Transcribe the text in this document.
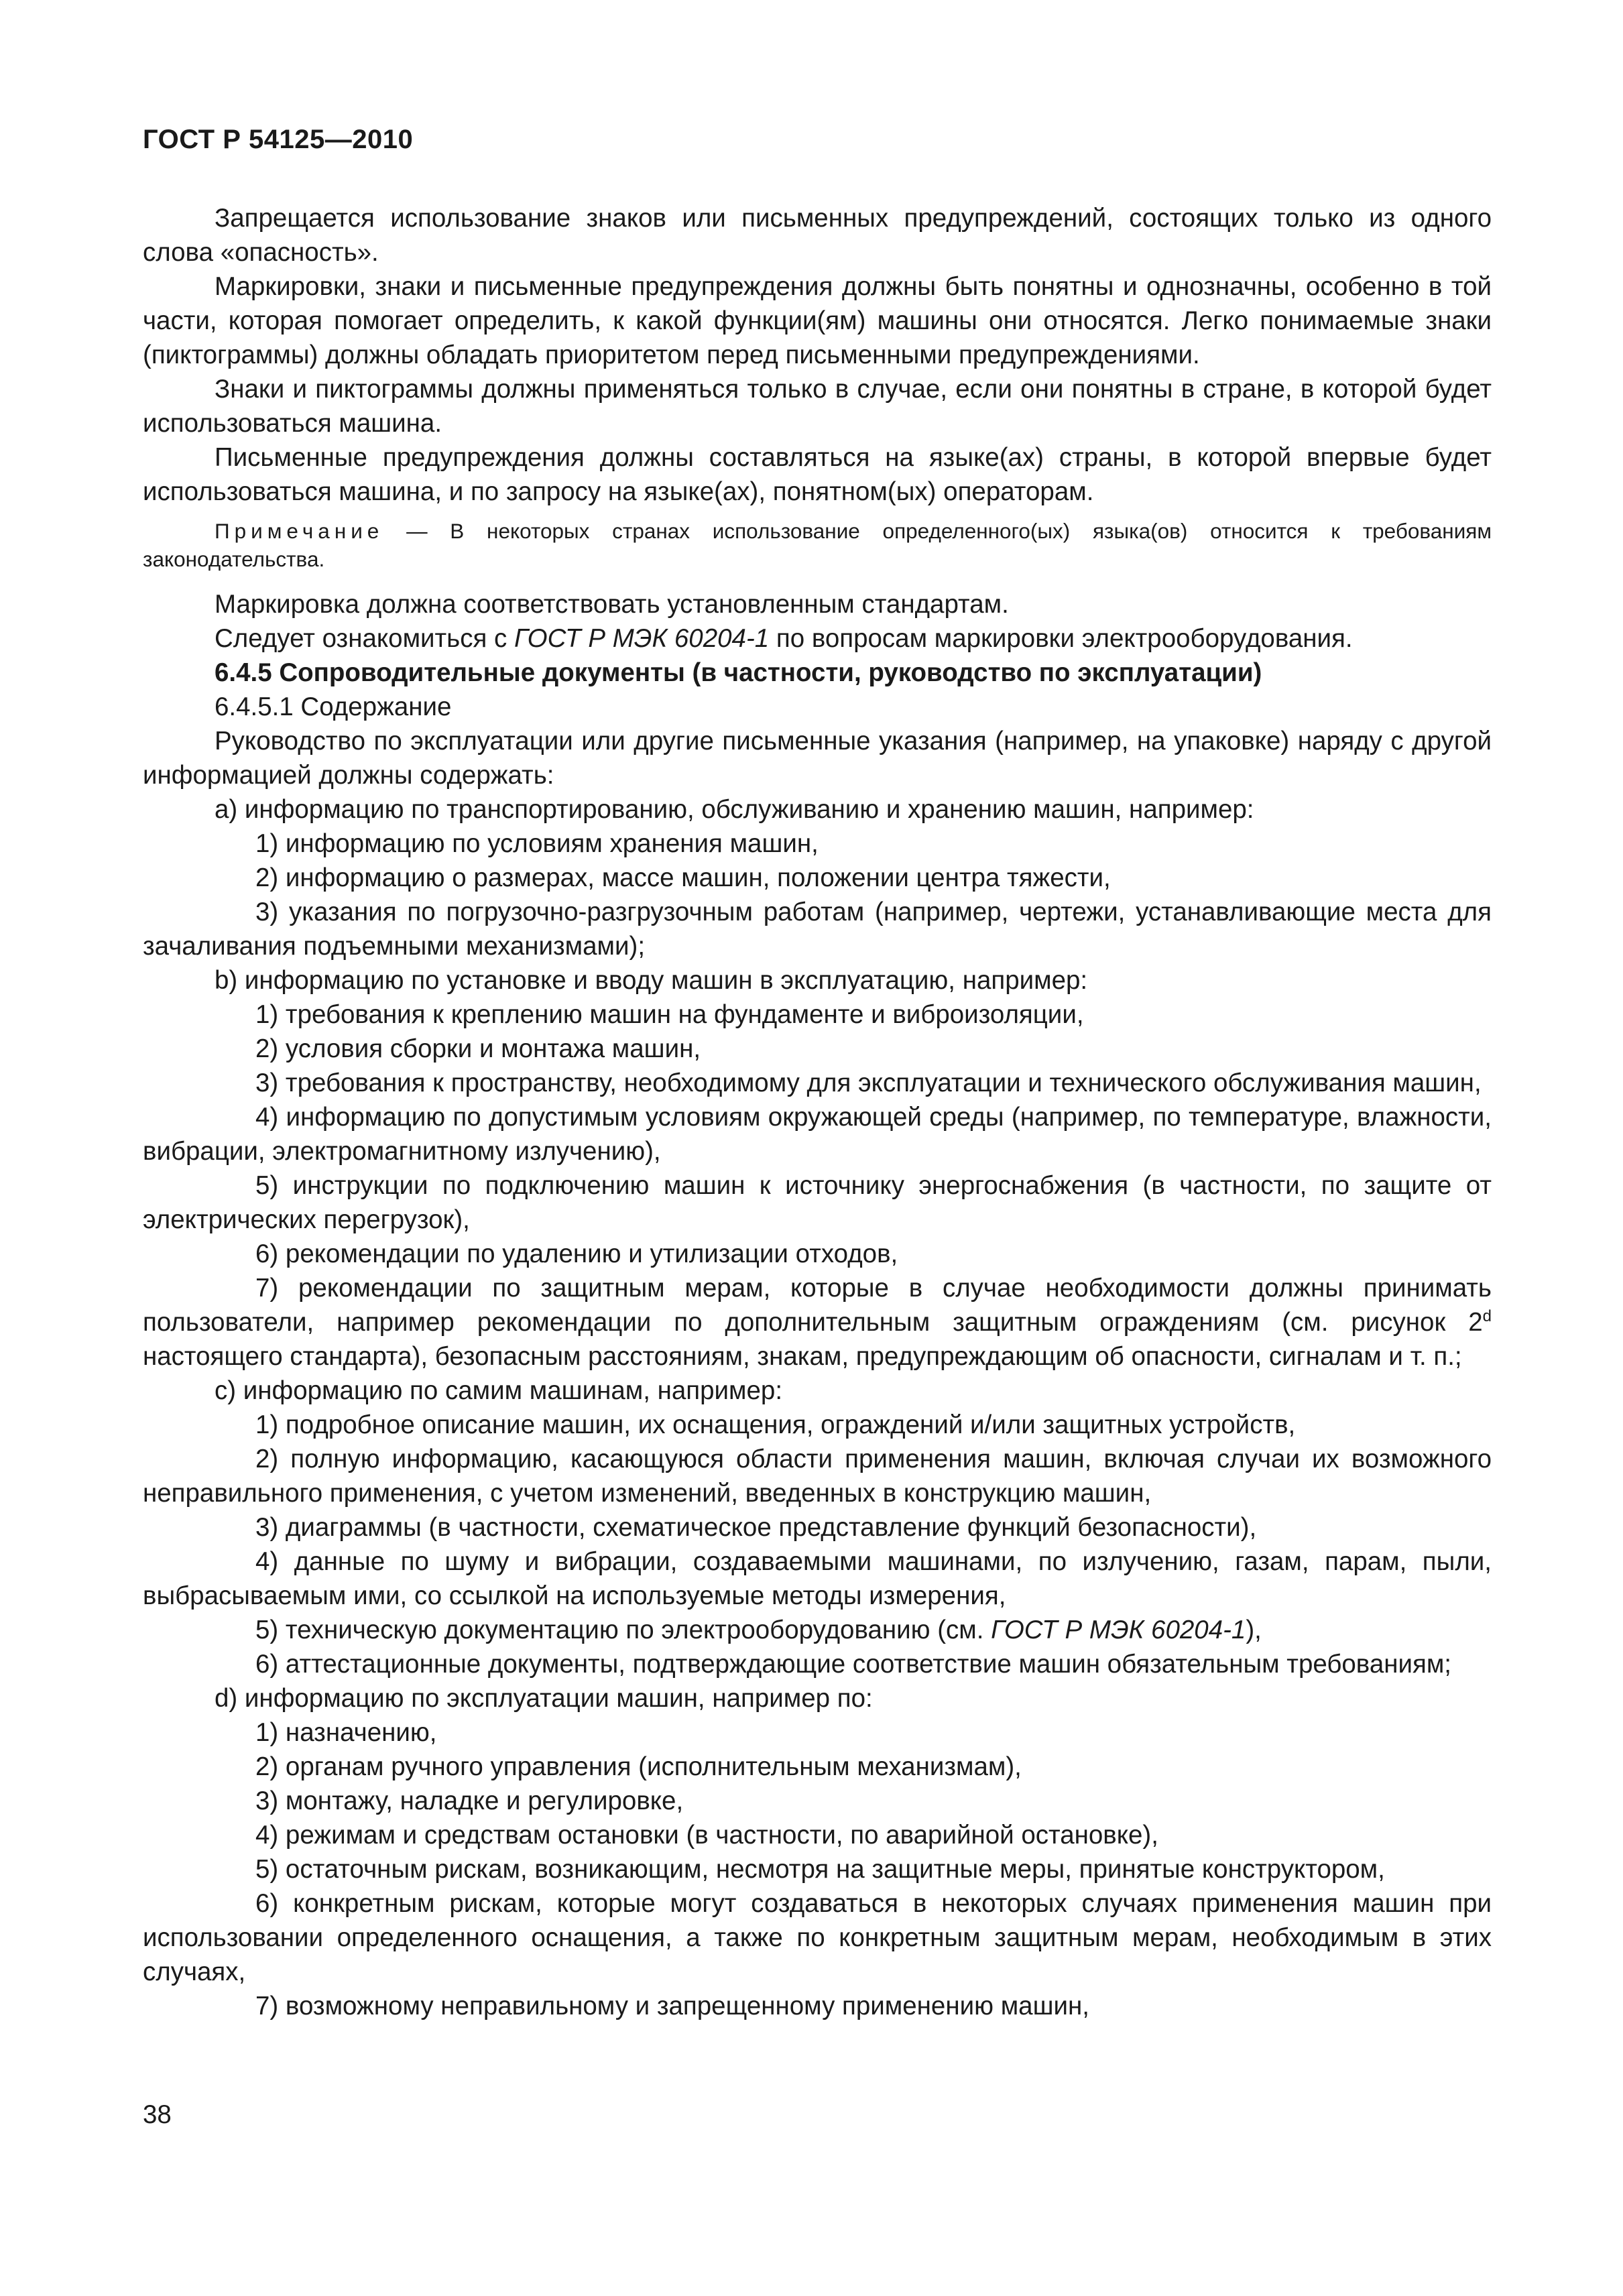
ГОСТ Р 54125—2010

Запрещается использование знаков или письменных предупреждений, состоящих только из одного слова «опасность».

Маркировки, знаки и письменные предупреждения должны быть понятны и однозначны, особенно в той части, которая помогает определить, к какой функции(ям) машины они относятся. Легко понимаемые знаки (пиктограммы) должны обладать приоритетом перед письменными предупреждениями.

Знаки и пиктограммы должны применяться только в случае, если они понятны в стране, в которой будет использоваться машина.

Письменные предупреждения должны составляться на языке(ах) страны, в которой впервые будет использоваться машина, и по запросу на языке(ах), понятном(ых) операторам.

Примечание — В некоторых странах использование определенного(ых) языка(ов) относится к требованиям законодательства.

Маркировка должна соответствовать установленным стандартам.

Следует ознакомиться с ГОСТ Р МЭК 60204-1 по вопросам маркировки электрооборудования.

6.4.5 Сопроводительные документы (в частности, руководство по эксплуатации)

6.4.5.1 Содержание

Руководство по эксплуатации или другие письменные указания (например, на упаковке) наряду с другой информацией должны содержать:

a) информацию по транспортированию, обслуживанию и хранению машин, например:

1) информацию по условиям хранения машин,

2) информацию о размерах, массе машин, положении центра тяжести,

3) указания по погрузочно-разгрузочным работам (например, чертежи, устанавливающие места для зачаливания подъемными механизмами);

b) информацию по установке и вводу машин в эксплуатацию, например:

1) требования к креплению машин на фундаменте и виброизоляции,

2) условия сборки и монтажа машин,

3) требования к пространству, необходимому для эксплуатации и технического обслуживания машин,

4) информацию по допустимым условиям окружающей среды (например, по температуре, влажности, вибрации, электромагнитному излучению),

5) инструкции по подключению машин к источнику энергоснабжения (в частности, по защите от электрических перегрузок),

6) рекомендации по удалению и утилизации отходов,

7) рекомендации по защитным мерам, которые в случае необходимости должны принимать пользователи, например рекомендации по дополнительным защитным ограждениям (см. рисунок 2$^d$ настоящего стандарта), безопасным расстояниям, знакам, предупреждающим об опасности, сигналам и т. п.;

c) информацию по самим машинам, например:

1) подробное описание машин, их оснащения, ограждений и/или защитных устройств,

2) полную информацию, касающуюся области применения машин, включая случаи их возможного неправильного применения, с учетом изменений, введенных в конструкцию машин,

3) диаграммы (в частности, схематическое представление функций безопасности),

4) данные по шуму и вибрации, создаваемыми машинами, по излучению, газам, парам, пыли, выбрасываемым ими, со ссылкой на используемые методы измерения,

5) техническую документацию по электрооборудованию (см. ГОСТ Р МЭК 60204-1),

6) аттестационные документы, подтверждающие соответствие машин обязательным требованиям;

d) информацию по эксплуатации машин, например по:

1) назначению,

2) органам ручного управления (исполнительным механизмам),

3) монтажу, наладке и регулировке,

4) режимам и средствам остановки (в частности, по аварийной остановке),

5) остаточным рискам, возникающим, несмотря на защитные меры, принятые конструктором,

6) конкретным рискам, которые могут создаваться в некоторых случаях применения машин при использовании определенного оснащения, а также по конкретным защитным мерам, необходимым в этих случаях,

7) возможному неправильному и запрещенному применению машин,

38
